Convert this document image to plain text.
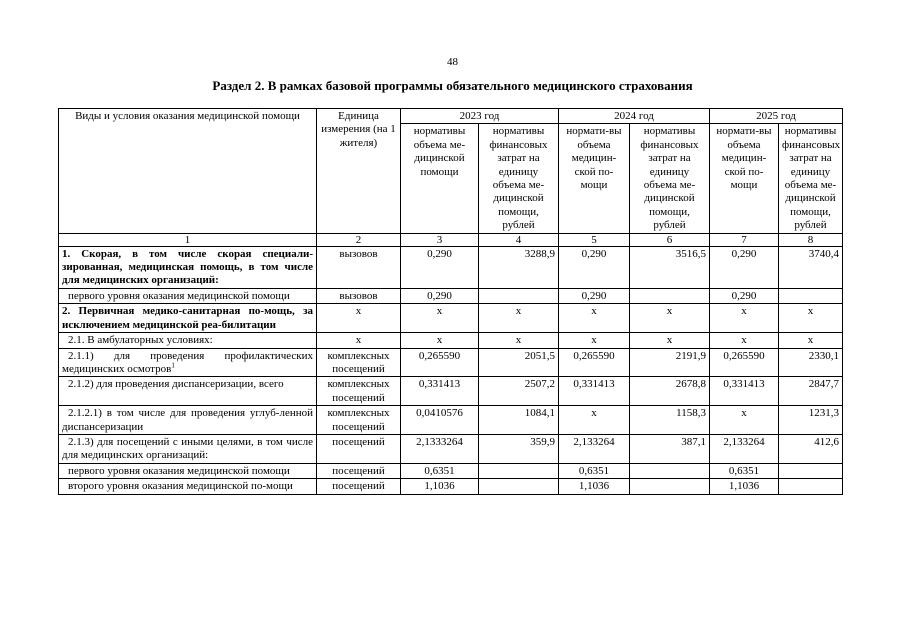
48
Раздел 2. В рамках базовой программы обязательного медицинского страхования
Виды и условия оказания медицинской помощи	Единица измерения (на 1 жителя)	2023 год		2024 год		2025 год	
		нормативы объема ме-дицинской помощи	нормативы финансовых затрат на единицу объема ме-дицинской помощи, рублей	нормати-вы объема медицин-ской по-мощи	нормативы финансовых затрат на единицу объема ме-дицинской помощи, рублей	нормати-вы объема медицин-ской по-мощи	нормативы финансовых затрат на единицу объема ме-дицинской помощи, рублей
1	2	3	4	5	6	7	8
1. Скорая, в том числе скорая специали-зированная, медицинская помощь, в том числе для медицинских организаций:	вызовов	0,290	3288,9	0,290	3516,5	0,290	3740,4
первого уровня оказания медицинской помощи	вызовов	0,290		0,290		0,290	
2. Первичная медико-санитарная по-мощь, за исключением медицинской реа-билитации	х	х	х	х	х	х	х
2.1. В амбулаторных условиях:	х	х	х	х	х	х	х
2.1.1) для проведения профилактических медицинских осмотров$^1$	комплексных посещений	0,265590	2051,5	0,265590	2191,9	0,265590	2330,1
2.1.2) для проведения диспансеризации, всего	комплексных посещений	0,331413	2507,2	0,331413	2678,8	0,331413	2847,7
2.1.2.1) в том числе для проведения углуб-ленной диспансеризации	комплексных посещений	0,0410576	1084,1	х	1158,3	х	1231,3
2.1.3) для посещений с иными целями, в том числе для медицинских организаций:	посещений	2,1333264	359,9	2,133264	387,1	2,133264	412,6
первого уровня оказания медицинской помощи	посещений	0,6351		0,6351		0,6351	
второго уровня оказания медицинской по-мощи	посещений	1,1036		1,1036		1,1036	
